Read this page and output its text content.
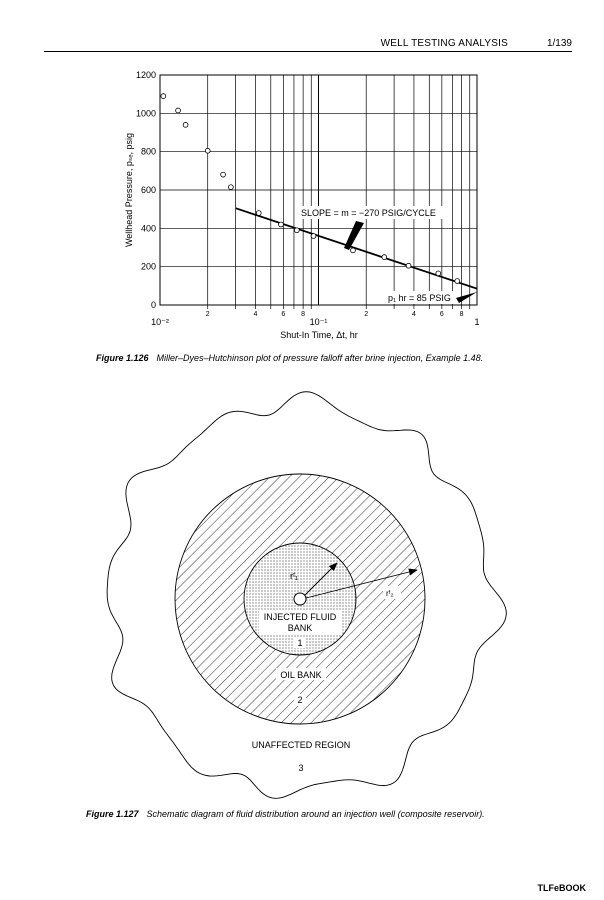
WELL TESTING ANALYSIS	1/139
0
200
400
600
800
1000
1200
2	4	6 8	2	4	6 8
10⁻²	10⁻¹	1
SLOPE = m = −270 PSIG/CYCLE
p₁ hr = 85 PSIG
Shut-In Time, Δt, hr
Wellhead Pressure, pₛₑ, psig
Figure 1.126 Miller–Dyes–Hutchinson plot of pressure falloff after brine injection, Example 1.48.
rᶠ₁
rᶠ₂
INJECTED FLUID
BANK
1
OIL BANK
2
UNAFFECTED REGION
3
Figure 1.127 Schematic diagram of fluid distribution around an injection well (composite reservoir).
TLFeBOOK
